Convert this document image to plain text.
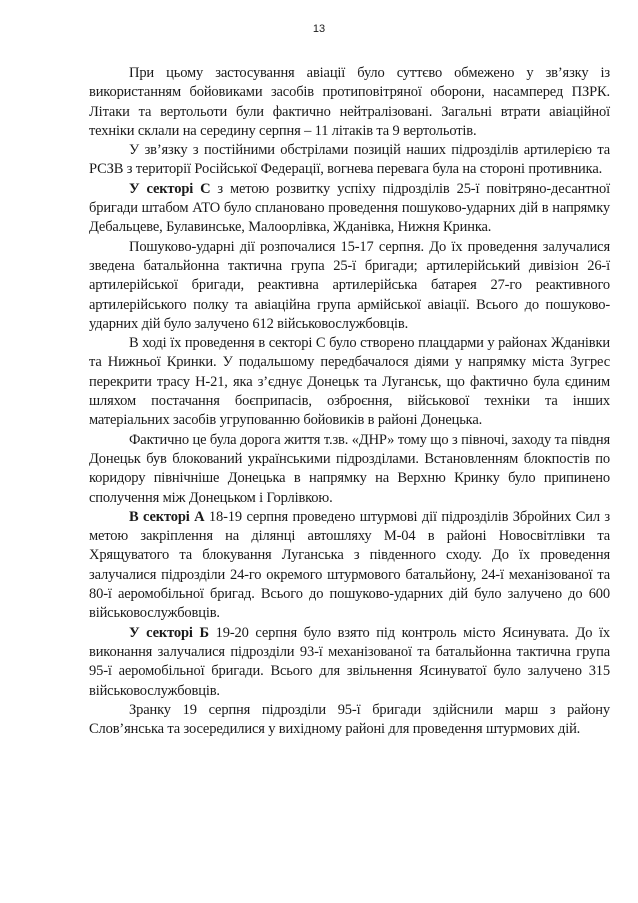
13

При цьому застосування авіації було суттєво обмежено у зв’язку із використанням бойовиками засобів протиповітряної оборони, насамперед ПЗРК. Літаки та вертольоти були фактично нейтралізовані. Загальні втрати авіаційної техніки склали на середину серпня – 11 літаків та 9 вертольотів.

У зв’язку з постійними обстрілами позицій наших підрозділів артилерією та РСЗВ з території Російської Федерації, вогнева перевага була на стороні противника.

У секторі С з метою розвитку успіху підрозділів 25-ї повітряно-десантної бригади штабом АТО було сплановано проведення пошуково-ударних дій в напрямку Дебальцеве, Булавинське, Малоорлівка, Жданівка, Нижня Кринка.

Пошуково-ударні дії розпочалися 15-17 серпня. До їх проведення залучалися зведена батальйонна тактична група 25-ї бригади; артилерійський дивізіон 26-ї артилерійської бригади, реактивна артилерійська батарея 27-го реактивного артилерійського полку та авіаційна група армійської авіації. Всього до пошуково-ударних дій було залучено 612 військовослужбовців.

В ході їх проведення в секторі С було створено плацдарми у районах Жданівки та Нижньої Кринки. У подальшому передбачалося діями у напрямку міста Зугрес перекрити трасу Н-21, яка з’єднує Донецьк та Луганськ, що фактично була єдиним шляхом постачання боєприпасів, озброєння, військової техніки та інших матеріальних засобів угрупованню бойовиків в районі Донецька.

Фактично це була дорога життя т.зв. «ДНР» тому що з півночі, заходу та півдня Донецьк був блокований українськими підрозділами. Встановленням блокпостів по коридору північніше Донецька в напрямку на Верхню Кринку було припинено сполучення між Донецьком і Горлівкою.

В секторі А 18-19 серпня проведено штурмові дії підрозділів Збройних Сил з метою закріплення на ділянці автошляху М-04 в районі Новосвітлівки та Хрящуватого та блокування Луганська з південного сходу. До їх проведення залучалися підрозділи 24-го окремого штурмового батальйону, 24-ї механізованої та 80-ї аеромобільної бригад. Всього до пошуково-ударних дій було залучено до 600 військовослужбовців.

У секторі Б 19-20 серпня було взято під контроль місто Ясинувата. До їх виконання залучалися підрозділи 93-ї механізованої та батальйонна тактична група 95-ї аеромобільної бригади. Всього для звільнення Ясинуватої було залучено 315 військовослужбовців.

Зранку 19 серпня підрозділи 95-ї бригади здійснили марш з району Слов’янська та зосередилися у вихідному районі для проведення штурмових дій.
